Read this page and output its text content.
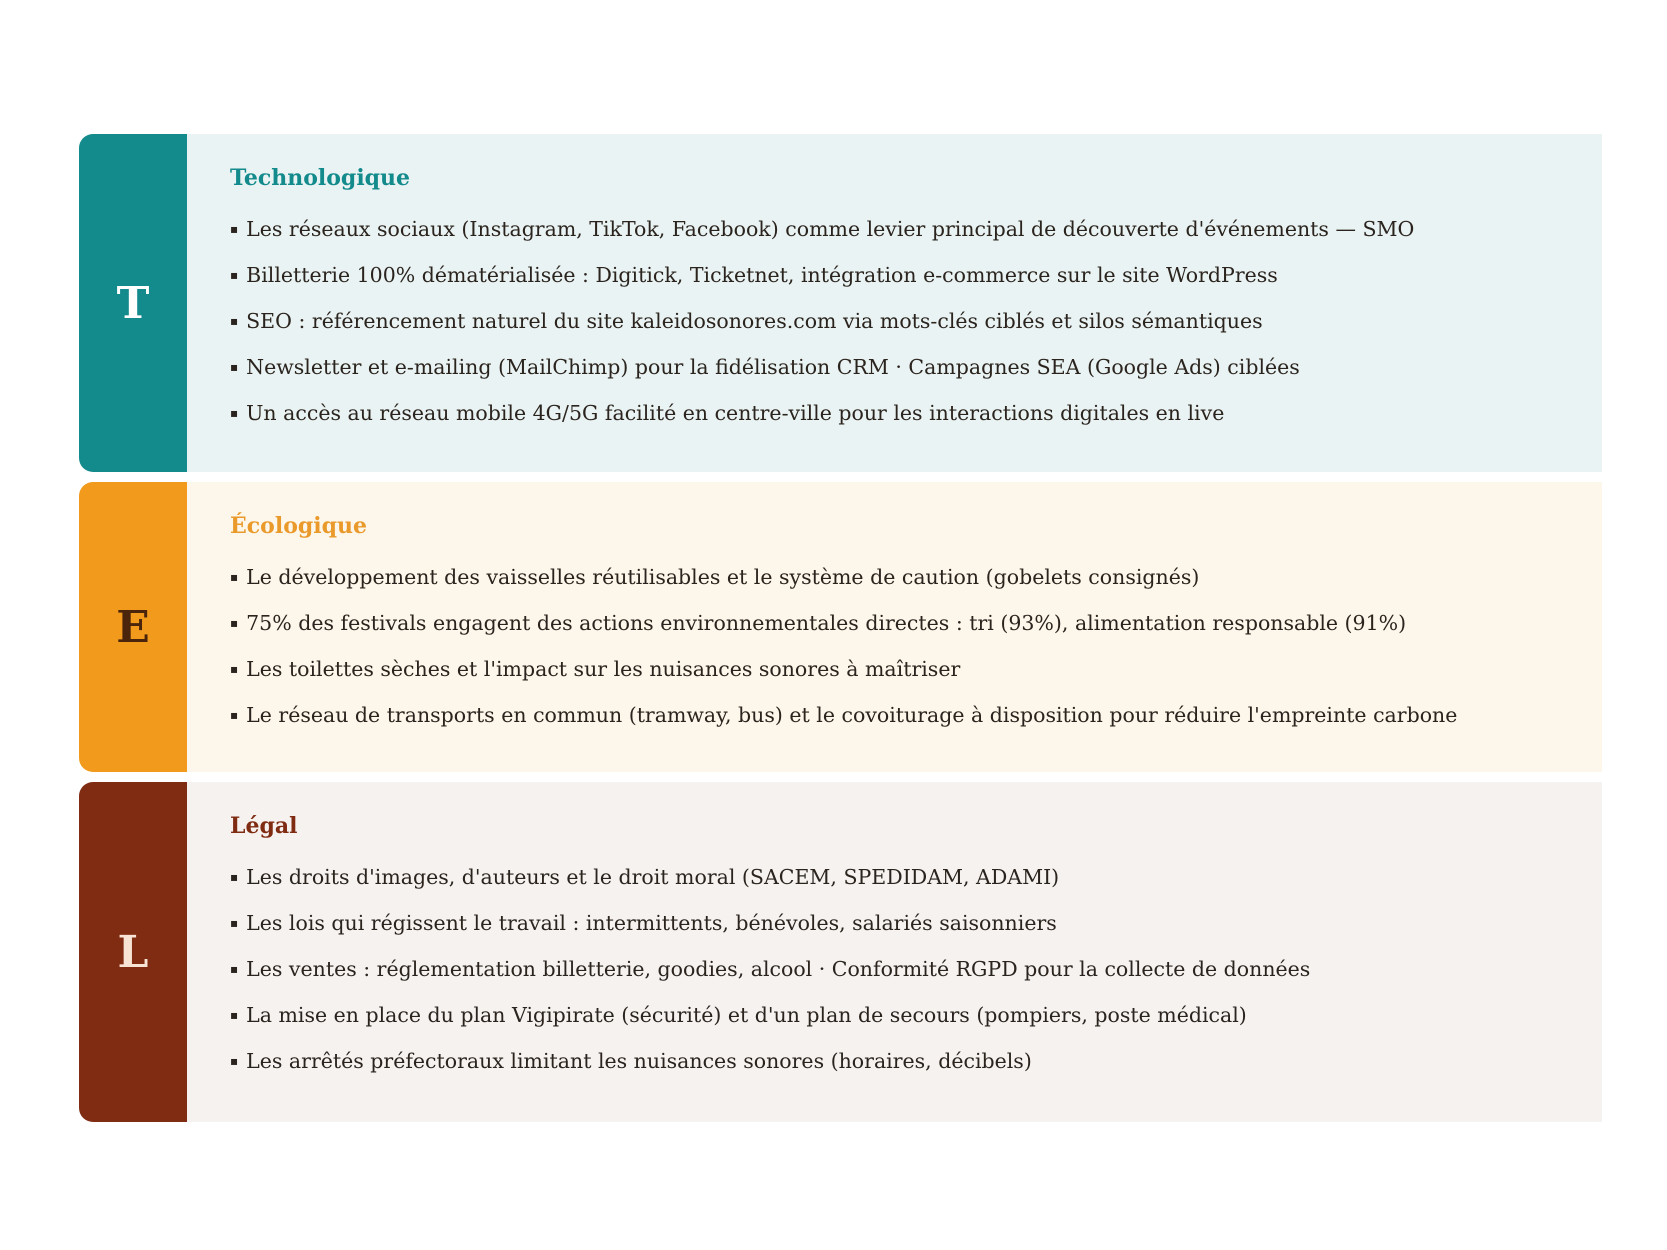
T
Technologique
▪ Les réseaux sociaux (Instagram, TikTok, Facebook) comme levier principal de découverte d'événements — SMO
▪ Billetterie 100% dématérialisée : Digitick, Ticketnet, intégration e-commerce sur le site WordPress
▪ SEO : référencement naturel du site kaleidosonores.com via mots-clés ciblés et silos sémantiques
▪ Newsletter et e-mailing (MailChimp) pour la fidélisation CRM · Campagnes SEA (Google Ads) ciblées
▪ Un accès au réseau mobile 4G/5G facilité en centre-ville pour les interactions digitales en live
E
Écologique
▪ Le développement des vaisselles réutilisables et le système de caution (gobelets consignés)
▪ 75% des festivals engagent des actions environnementales directes : tri (93%), alimentation responsable (91%)
▪ Les toilettes sèches et l'impact sur les nuisances sonores à maîtriser
▪ Le réseau de transports en commun (tramway, bus) et le covoiturage à disposition pour réduire l'empreinte carbone
L
Légal
▪ Les droits d'images, d'auteurs et le droit moral (SACEM, SPEDIDAM, ADAMI)
▪ Les lois qui régissent le travail : intermittents, bénévoles, salariés saisonniers
▪ Les ventes : réglementation billetterie, goodies, alcool · Conformité RGPD pour la collecte de données
▪ La mise en place du plan Vigipirate (sécurité) et d'un plan de secours (pompiers, poste médical)
▪ Les arrêtés préfectoraux limitant les nuisances sonores (horaires, décibels)
